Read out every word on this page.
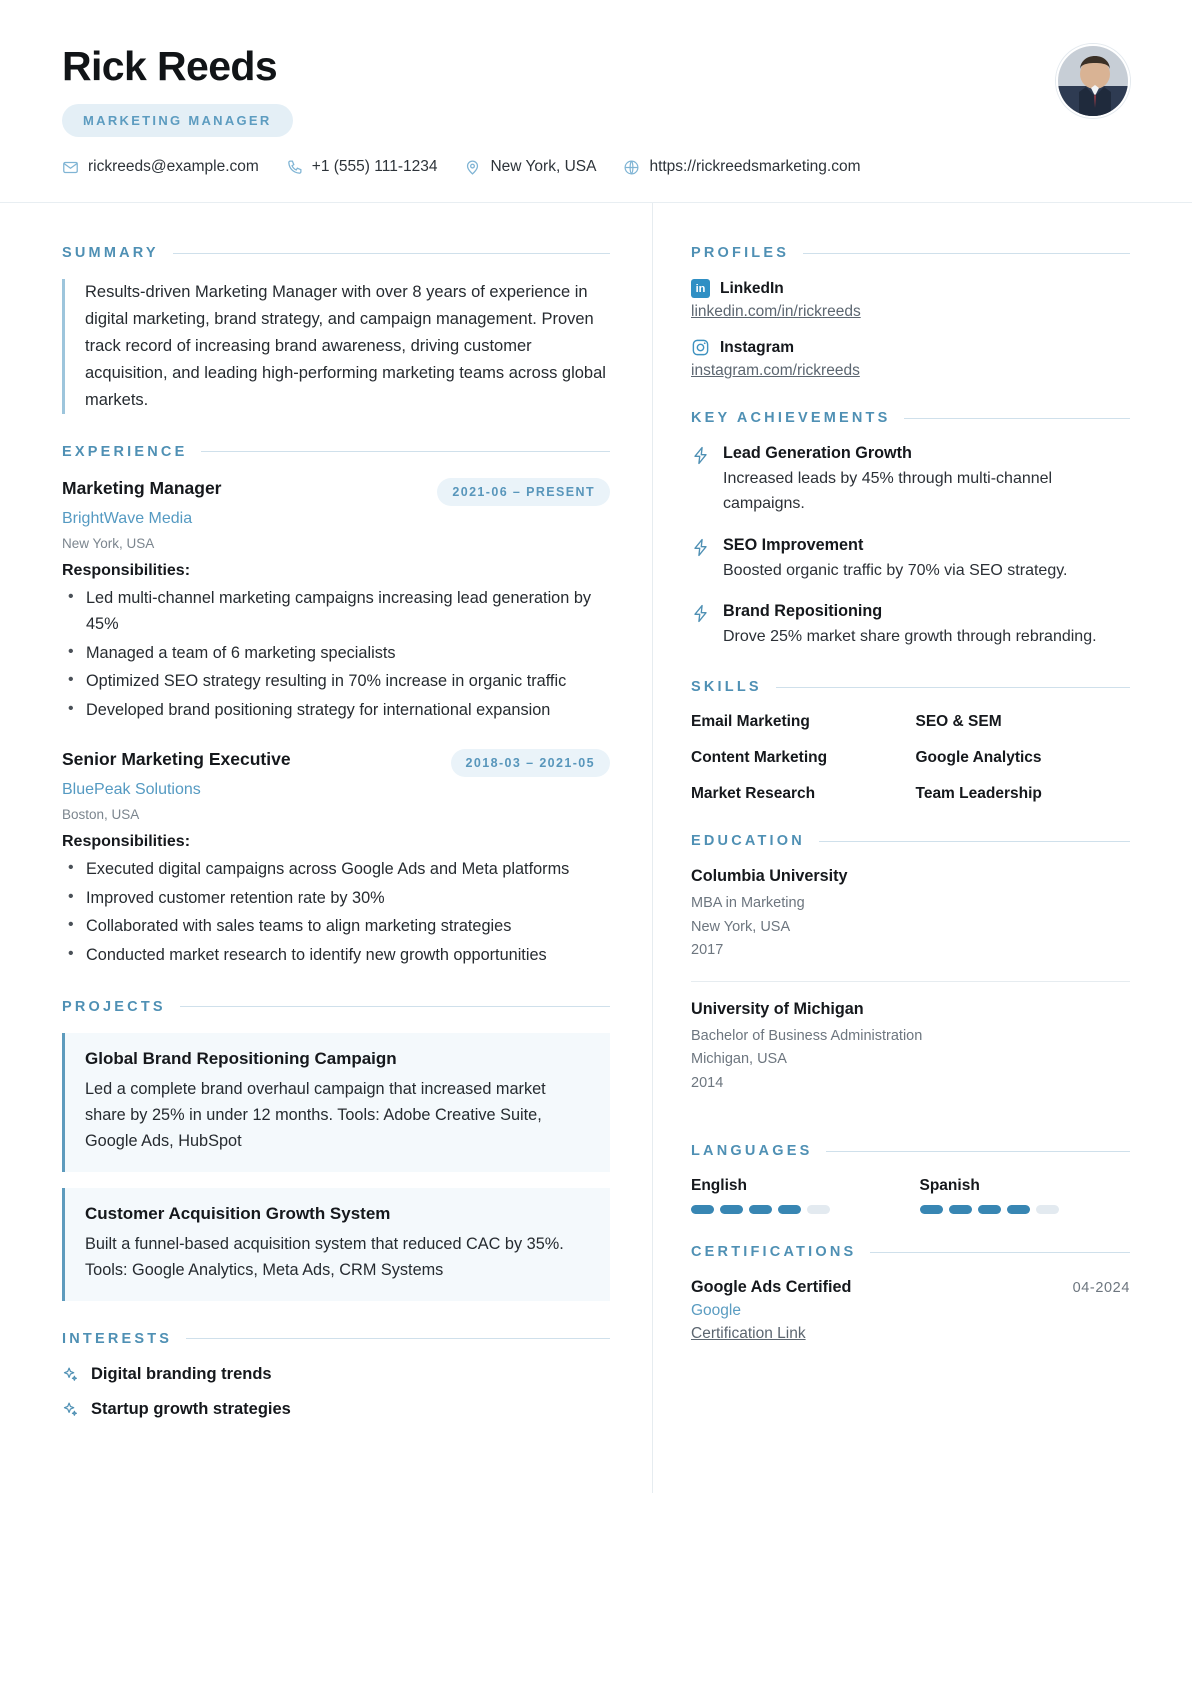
Rick Reeds
MARKETING MANAGER
rickreeds@example.com	+1 (555) 111-1234	New York, USA	https://rickreedsmarketing.com
SUMMARY
Results-driven Marketing Manager with over 8 years of experience in digital marketing, brand strategy, and campaign management. Proven track record of increasing brand awareness, driving customer acquisition, and leading high-performing marketing teams across global markets.
EXPERIENCE
Marketing Manager	2021-06 – PRESENT
BrightWave Media
New York, USA
Responsibilities:
• Led multi-channel marketing campaigns increasing lead generation by 45%
• Managed a team of 6 marketing specialists
• Optimized SEO strategy resulting in 70% increase in organic traffic
• Developed brand positioning strategy for international expansion
Senior Marketing Executive	2018-03 – 2021-05
BluePeak Solutions
Boston, USA
Responsibilities:
• Executed digital campaigns across Google Ads and Meta platforms
• Improved customer retention rate by 30%
• Collaborated with sales teams to align marketing strategies
• Conducted market research to identify new growth opportunities
PROJECTS
Global Brand Repositioning Campaign
Led a complete brand overhaul campaign that increased market share by 25% in under 12 months. Tools: Adobe Creative Suite, Google Ads, HubSpot
Customer Acquisition Growth System
Built a funnel-based acquisition system that reduced CAC by 35%. Tools: Google Analytics, Meta Ads, CRM Systems
INTERESTS
Digital branding trends
Startup growth strategies
PROFILES
in LinkedIn
linkedin.com/in/rickreeds
Instagram
instagram.com/rickreeds
KEY ACHIEVEMENTS
Lead Generation Growth
Increased leads by 45% through multi-channel campaigns.
SEO Improvement
Boosted organic traffic by 70% via SEO strategy.
Brand Repositioning
Drove 25% market share growth through rebranding.
SKILLS
Email Marketing	SEO & SEM
Content Marketing	Google Analytics
Market Research	Team Leadership
EDUCATION
Columbia University
MBA in Marketing
New York, USA
2017
University of Michigan
Bachelor of Business Administration
Michigan, USA
2014
LANGUAGES
English	Spanish
CERTIFICATIONS
Google Ads Certified	04-2024
Google
Certification Link
